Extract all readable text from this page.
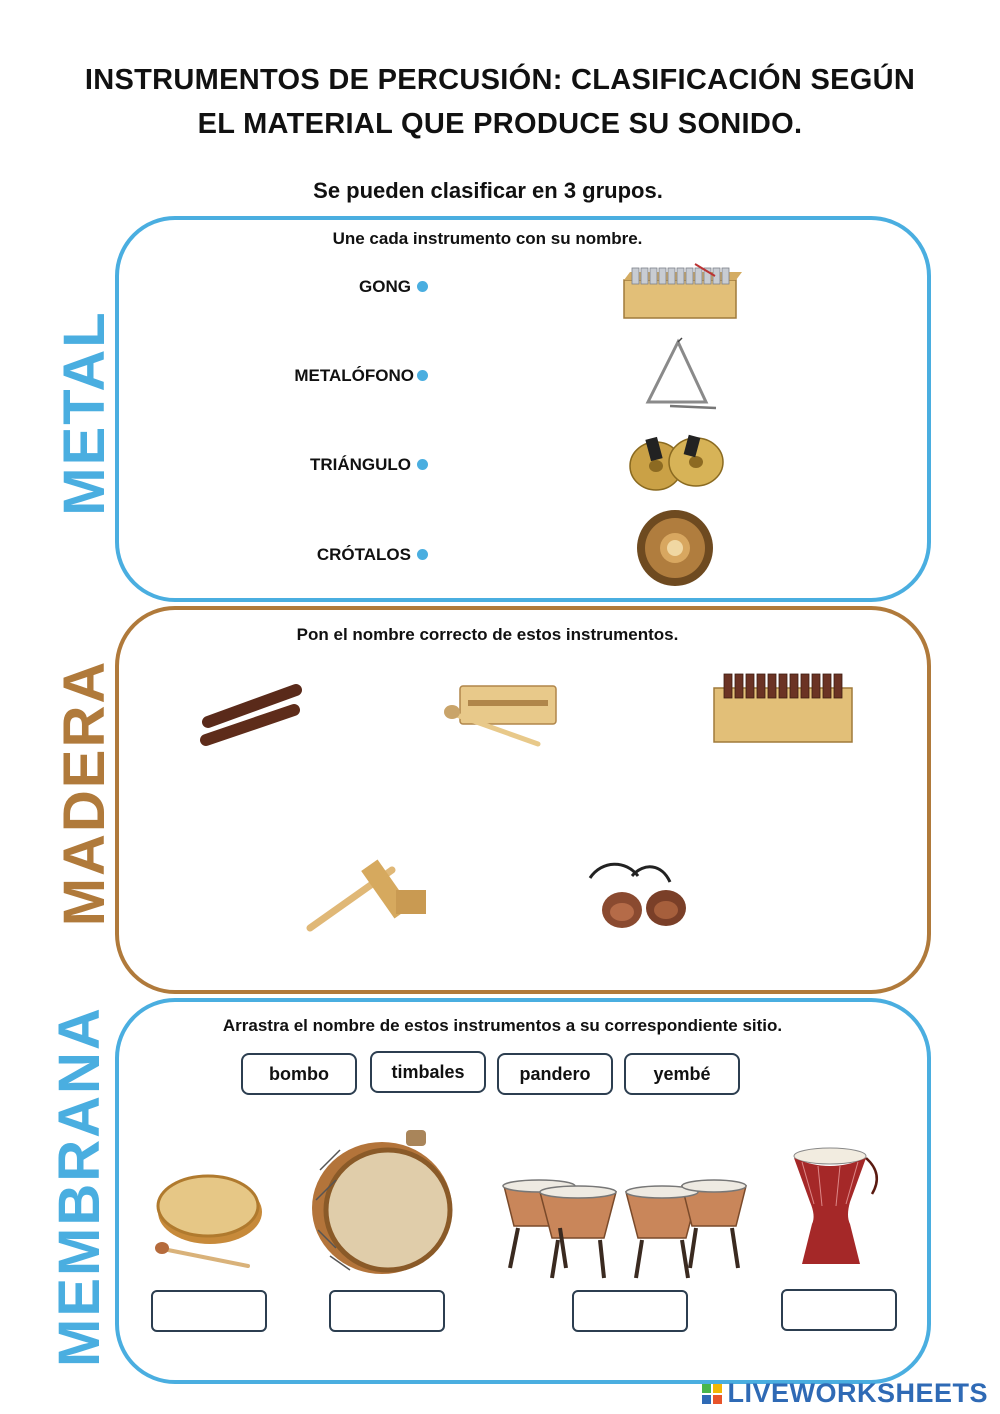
INSTRUMENTOS DE PERCUSIÓN: CLASIFICACIÓN SEGÚN
EL MATERIAL QUE PRODUCE SU SONIDO.
Se pueden clasificar en 3 grupos.
METAL
Une cada instrumento con su nombre.
GONG
METALÓFONO
TRIÁNGULO
CRÓTALOS
MADERA
Pon el nombre correcto de estos instrumentos.
MEMBRANA	Arrastra el nombre de estos instrumentos a su correspondiente sitio.
bombo	timbales	pandero	yembé
LIVEWORKSHEETS
